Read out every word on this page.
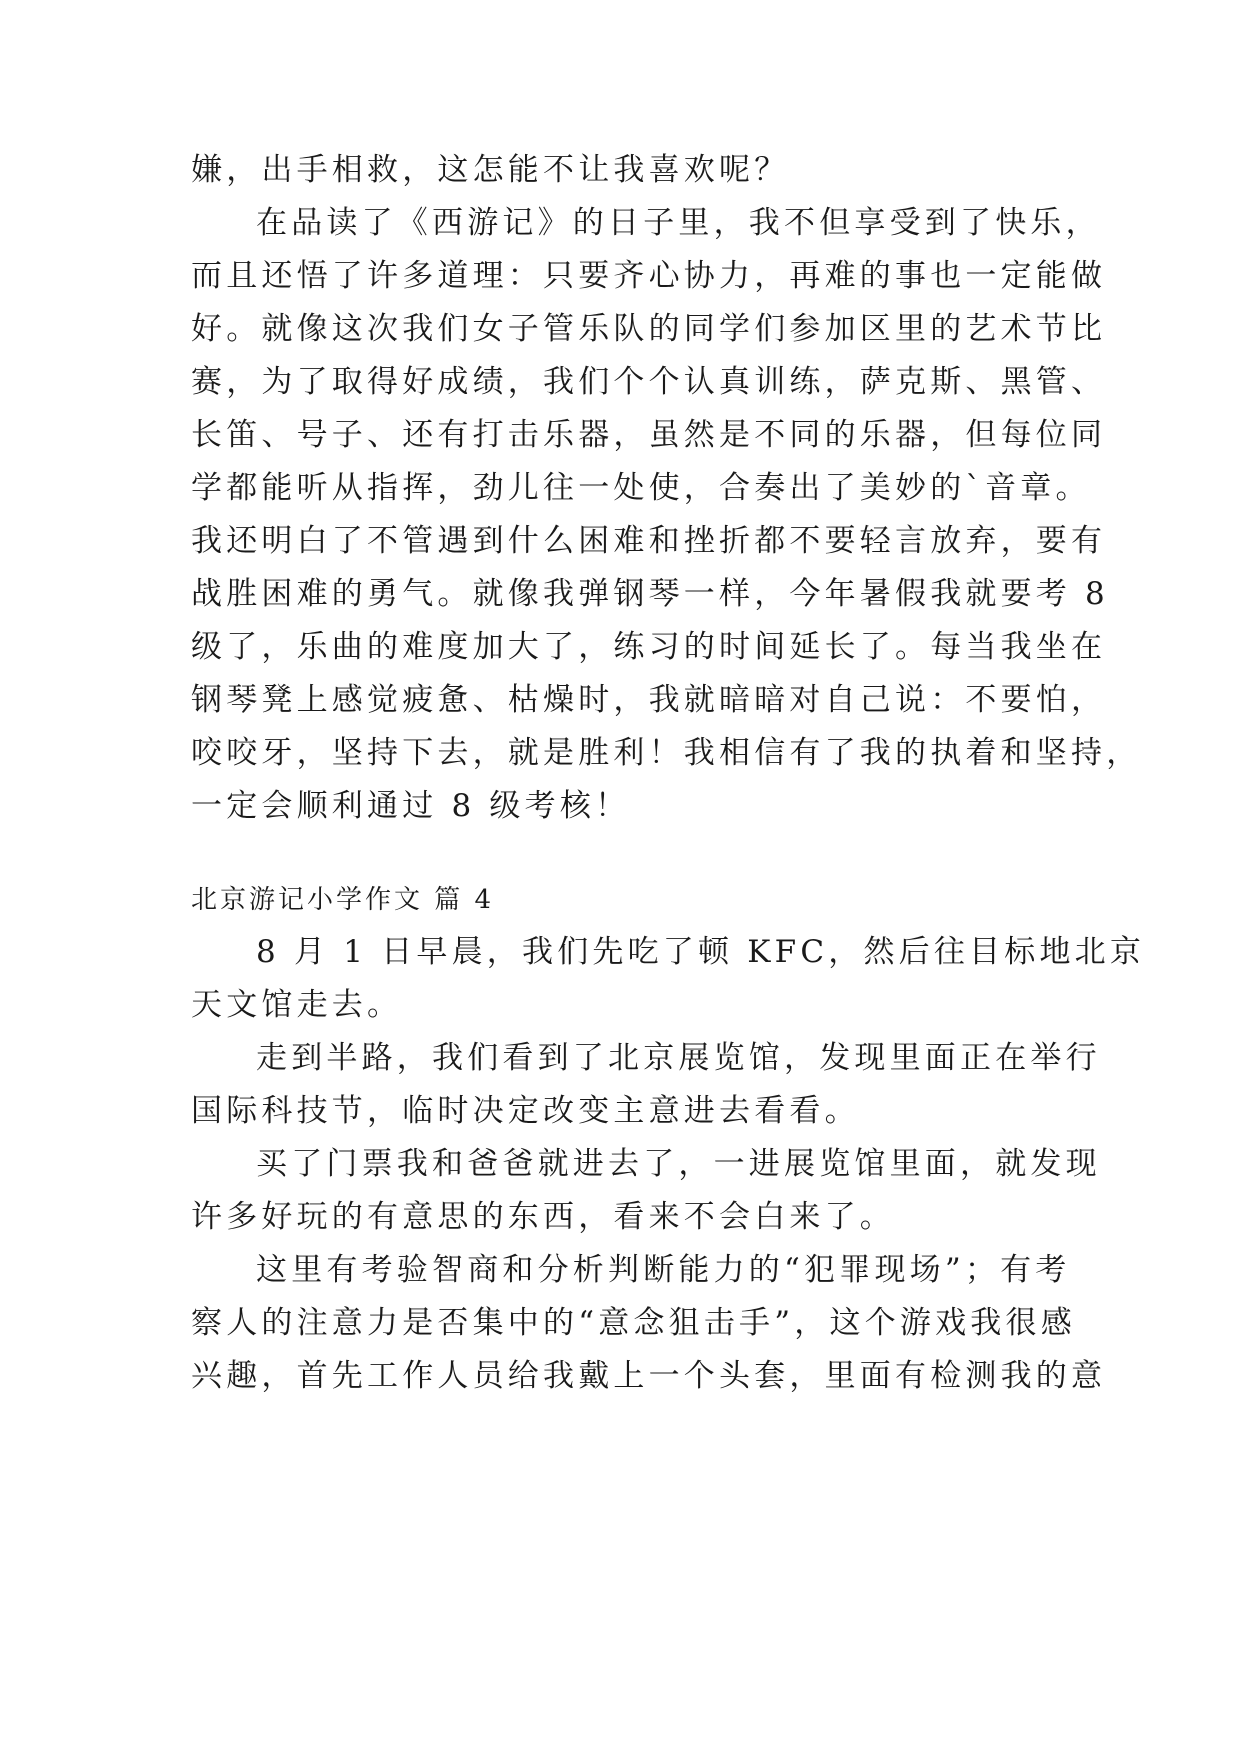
嫌，出手相救，这怎能不让我喜欢呢？
在品读了《西游记》的日子里，我不但享受到了快乐，
而且还悟了许多道理：只要齐心协力，再难的事也一定能做
好。就像这次我们女子管乐队的同学们参加区里的艺术节比
赛，为了取得好成绩，我们个个认真训练，萨克斯、黑管、
长笛、号子、还有打击乐器，虽然是不同的乐器，但每位同
学都能听从指挥，劲儿往一处使，合奏出了美妙的`音章。
我还明白了不管遇到什么困难和挫折都不要轻言放弃，要有
战胜困难的勇气。就像我弹钢琴一样，今年暑假我就要考 8
级了，乐曲的难度加大了，练习的时间延长了。每当我坐在
钢琴凳上感觉疲惫、枯燥时，我就暗暗对自己说：不要怕，
咬咬牙，坚持下去，就是胜利！我相信有了我的执着和坚持，
一定会顺利通过 8 级考核！
北京游记小学作文 篇 4
8 月 1 日早晨，我们先吃了顿 KFC，然后往目标地北京
天文馆走去。
走到半路，我们看到了北京展览馆，发现里面正在举行
国际科技节，临时决定改变主意进去看看。
买了门票我和爸爸就进去了，一进展览馆里面，就发现
许多好玩的有意思的东西，看来不会白来了。
这里有考验智商和分析判断能力的“犯罪现场”；有考
察人的注意力是否集中的“意念狙击手”，这个游戏我很感
兴趣，首先工作人员给我戴上一个头套，里面有检测我的意
